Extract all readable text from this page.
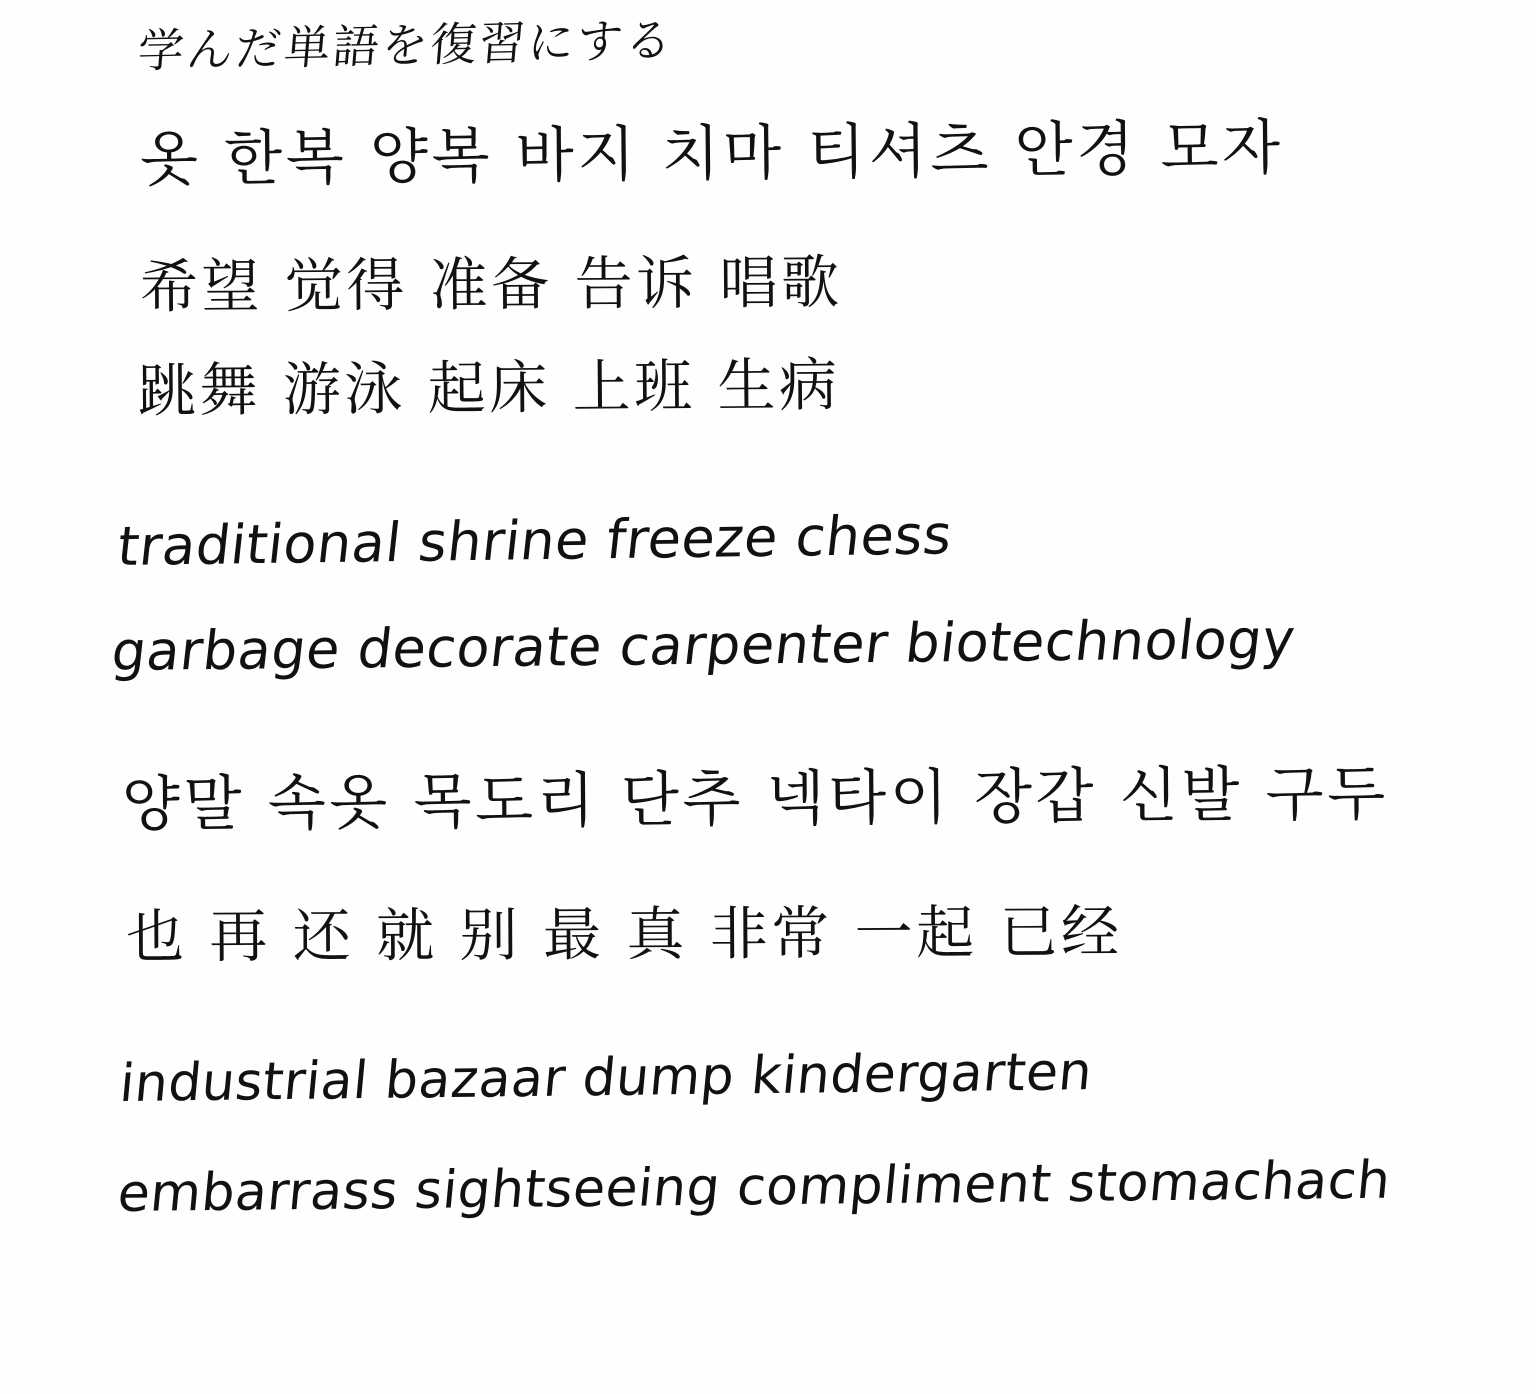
学んだ単語を復習にする
옷 한복 양복 바지 치마 티셔츠 안경 모자
希望 觉得 准备 告诉 唱歌
跳舞 游泳 起床 上班 生病
traditional shrine freeze chess
garbage decorate carpenter biotechnology
양말 속옷 목도리 단추 넥타이 장갑 신발 구두
也 再 还 就 别 最 真 非常 一起 已经
industrial bazaar dump kindergarten
embarrass sightseeing compliment stomachach
